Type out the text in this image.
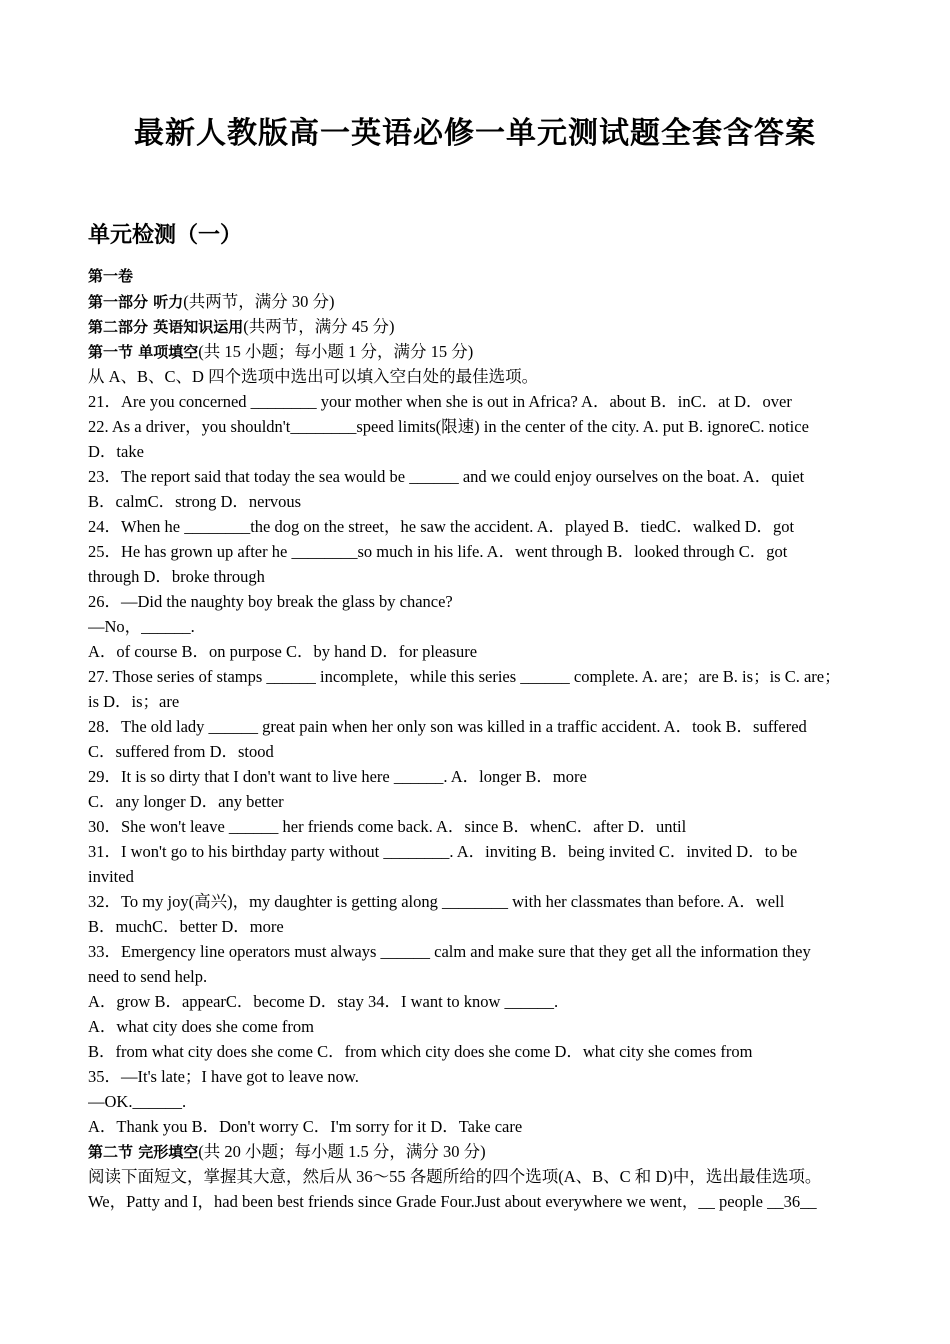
最新人教版高一英语必修一单元测试题全套含答案
单元检测（一）
第一卷
第一部分 听力(共两节，满分 30 分)
第二部分 英语知识运用(共两节，满分 45 分)
第一节 单项填空(共 15 小题；每小题 1 分，满分 15 分)
从 A、B、C、D 四个选项中选出可以填入空白处的最佳选项。
21．Are you concerned ________ your mother when she is out in Africa? A．about B．inC．at D．over
22. As a driver，you shouldn't________speed limits(限速) in the center of the city. A. put B. ignoreC. notice
D．take
23．The report said that today the sea would be ______ and we could enjoy ourselves on the boat. A．quiet
B．calmC．strong D．nervous
24．When he ________the dog on the street，he saw the accident. A．played B．tiedC．walked D．got
25．He has grown up after he ________so much in his life. A．went through B．looked through C．got
through D．broke through
26．—Did the naughty boy break the glass by chance?
—No，______.
A．of course B．on purpose C．by hand D．for pleasure
27. Those series of stamps ______ incomplete，while this series ______ complete. A. are；are B. is；is C. are；
is D．is；are
28．The old lady ______ great pain when her only son was killed in a traffic accident. A．took B．suffered
C．suffered from D．stood
29．It is so dirty that I don't want to live here ______. A．longer B．more
C．any longer D．any better
30．She won't leave ______ her friends come back. A．since B．whenC．after D．until
31．I won't go to his birthday party without ________. A．inviting B．being invited C．invited D．to be
invited
32．To my joy(高兴)，my daughter is getting along ________ with her classmates than before. A．well
B．muchC．better D．more
33．Emergency line operators must always ______ calm and make sure that they get all the information they
need to send help.
A．grow B．appearC．become D．stay 34．I want to know ______.
A．what city does she come from
B．from what city does she come C．from which city does she come D．what city she comes from
35．—It's late；I have got to leave now.
—OK.______.
A．Thank you B．Don't worry C．I'm sorry for it D．Take care
第二节 完形填空(共 20 小题；每小题 1.5 分，满分 30 分)
阅读下面短文，掌握其大意，然后从 36～55 各题所给的四个选项(A、B、C 和 D)中，选出最佳选项。
We，Patty and I，had been best friends since Grade Four.Just about everywhere we went，__ people __36__
